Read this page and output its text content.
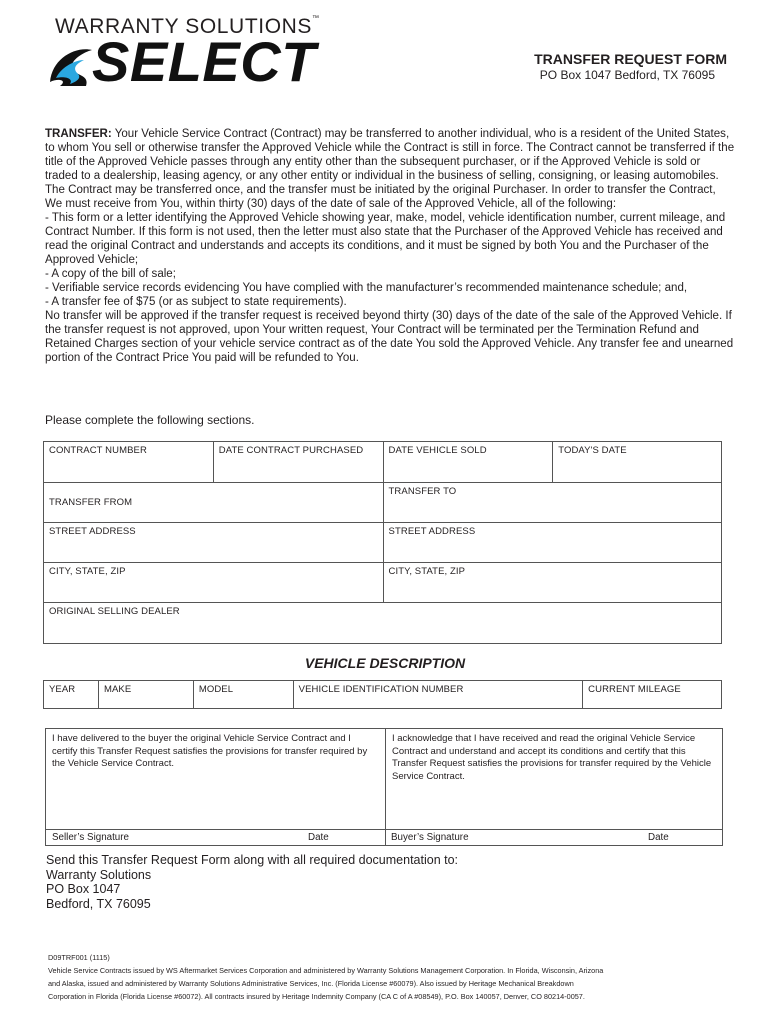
WARRANTY SOLUTIONS™
SELECT	TRANSFER REQUEST FORM
PO Box 1047 Bedford, TX 76095

TRANSFER: Your Vehicle Service Contract (Contract) may be transferred to another individual, who is a resident of the United States, to whom You sell or otherwise transfer the Approved Vehicle while the Contract is still in force. The Contract cannot be transferred if the title of the Approved Vehicle passes through any entity other than the subsequent purchaser, or if the Approved Vehicle is sold or traded to a dealership, leasing agency, or any other entity or individual in the business of selling, consigning, or leasing automobiles. The Contract may be transferred once, and the transfer must be initiated by the original Purchaser. In order to transfer the Contract, We must receive from You, within thirty (30) days of the date of sale of the Approved Vehicle, all of the following:

- This form or a letter identifying the Approved Vehicle showing year, make, model, vehicle identification number, current mileage, and Contract Number. If this form is not used, then the letter must also state that the Purchaser of the Approved Vehicle has received and read the original Contract and understands and accepts its conditions, and it must be signed by both You and the Purchaser of the Approved Vehicle;

- A copy of the bill of sale;

- Verifiable service records evidencing You have complied with the manufacturer’s recommended maintenance schedule; and,

- A transfer fee of $75 (or as subject to state requirements).

No transfer will be approved if the transfer request is received beyond thirty (30) days of the date of the sale of the Approved Vehicle. If the transfer request is not approved, upon Your written request, Your Contract will be terminated per the Termination Refund and Retained Charges section of your vehicle service contract as of the date You sold the Approved Vehicle. Any transfer fee and unearned portion of the Contract Price You paid will be refunded to You.

Please complete the following sections.
CONTRACT NUMBER	DATE CONTRACT PURCHASED	DATE VEHICLE SOLD	TODAY'S DATE
TRANSFER FROM		TRANSFER TO	
STREET ADDRESS		STREET ADDRESS	
CITY, STATE, ZIP		CITY, STATE, ZIP	
ORIGINAL SELLING DEALER			
VEHICLE DESCRIPTION
YEAR	MAKE	MODEL	VEHICLE IDENTIFICATION NUMBER	CURRENT MILEAGE
I have delivered to the buyer the original Vehicle Service Contract and I certify this Transfer Request satisfies the provisions for transfer required by the Vehicle Service Contract.
Seller’s Signature	Date
I acknowledge that I have received and read the original Vehicle Service Contract and understand and accept its conditions and certify that this Transfer Request satisfies the provisions for transfer required by the Vehicle Service Contract.
Buyer’s Signature	Date
Send this Transfer Request Form along with all required documentation to:
Warranty Solutions
PO Box 1047
Bedford, TX 76095
D09TRF001 (1115)
Vehicle Service Contracts issued by WS Aftermarket Services Corporation and administered by Warranty Solutions Management Corporation. In Florida, Wisconsin, Arizona
and Alaska, issued and administered by Warranty Solutions Administrative Services, Inc. (Florida License #60079). Also issued by Heritage Mechanical Breakdown
Corporation in Florida (Florida License #60072). All contracts insured by Heritage Indemnity Company (CA C of A #08549), P.O. Box 140057, Denver, CO 80214-0057.
